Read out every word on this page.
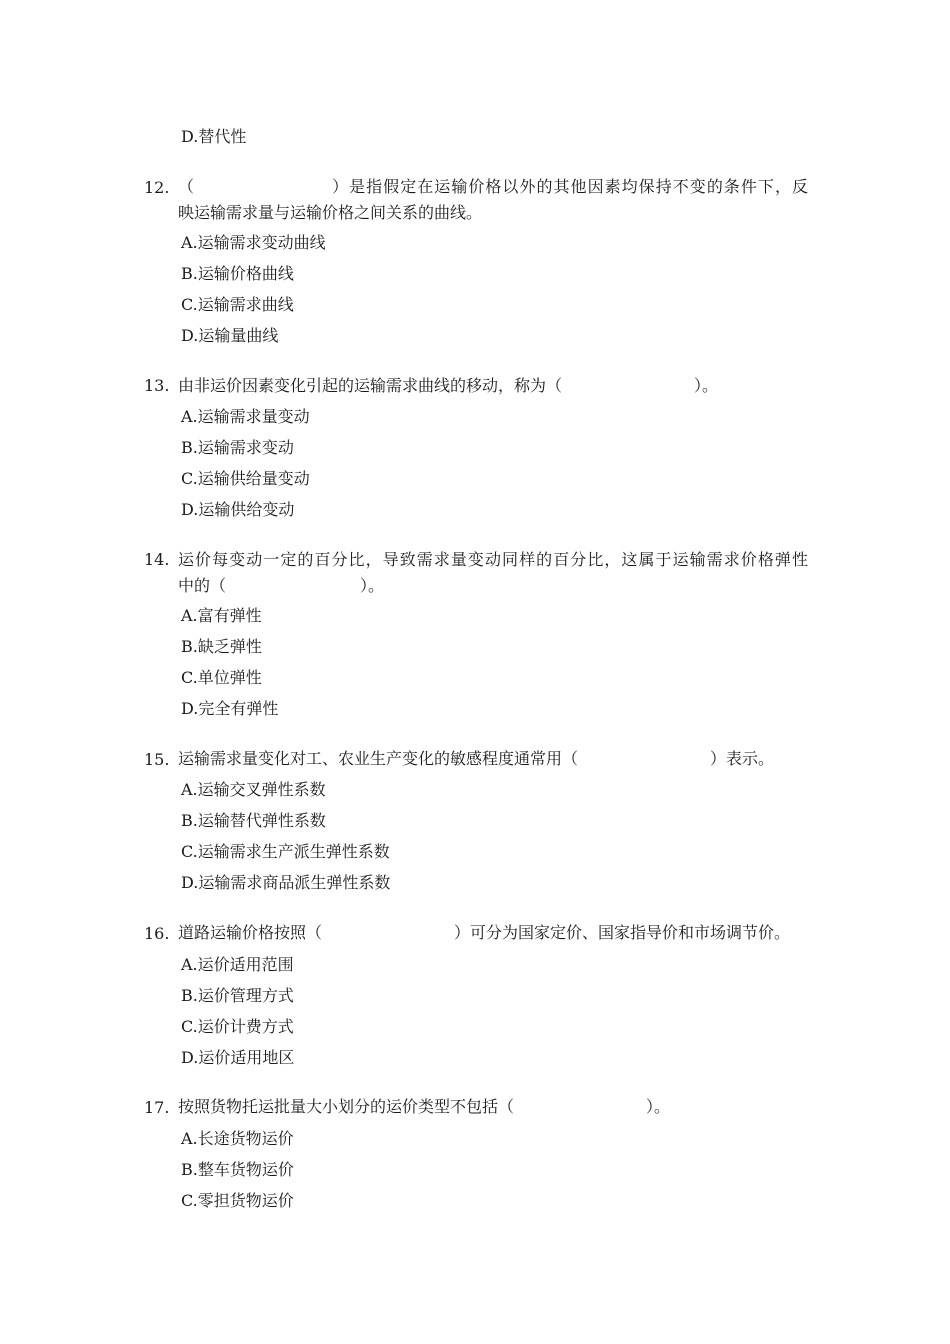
D.替代性
12. （	）是指假定在运输价格以外的其他因素均保持不变的条件下，反
映运输需求量与运输价格之间关系的曲线。
A.运输需求变动曲线
B.运输价格曲线
C.运输需求曲线
D.运输量曲线
13. 由非运价因素变化引起的运输需求曲线的移动，称为（	）。
A.运输需求量变动
B.运输需求变动
C.运输供给量变动
D.运输供给变动
14. 运价每变动一定的百分比，导致需求量变动同样的百分比，这属于运输需求价格弹性
中的（	）。
A.富有弹性
B.缺乏弹性
C.单位弹性
D.完全有弹性
15. 运输需求量变化对工、农业生产变化的敏感程度通常用（	）表示。
A.运输交叉弹性系数
B.运输替代弹性系数
C.运输需求生产派生弹性系数
D.运输需求商品派生弹性系数
16. 道路运输价格按照（	）可分为国家定价、国家指导价和市场调节价。
A.运价适用范围
B.运价管理方式
C.运价计费方式
D.运价适用地区
17. 按照货物托运批量大小划分的运价类型不包括（	）。
A.长途货物运价
B.整车货物运价
C.零担货物运价
